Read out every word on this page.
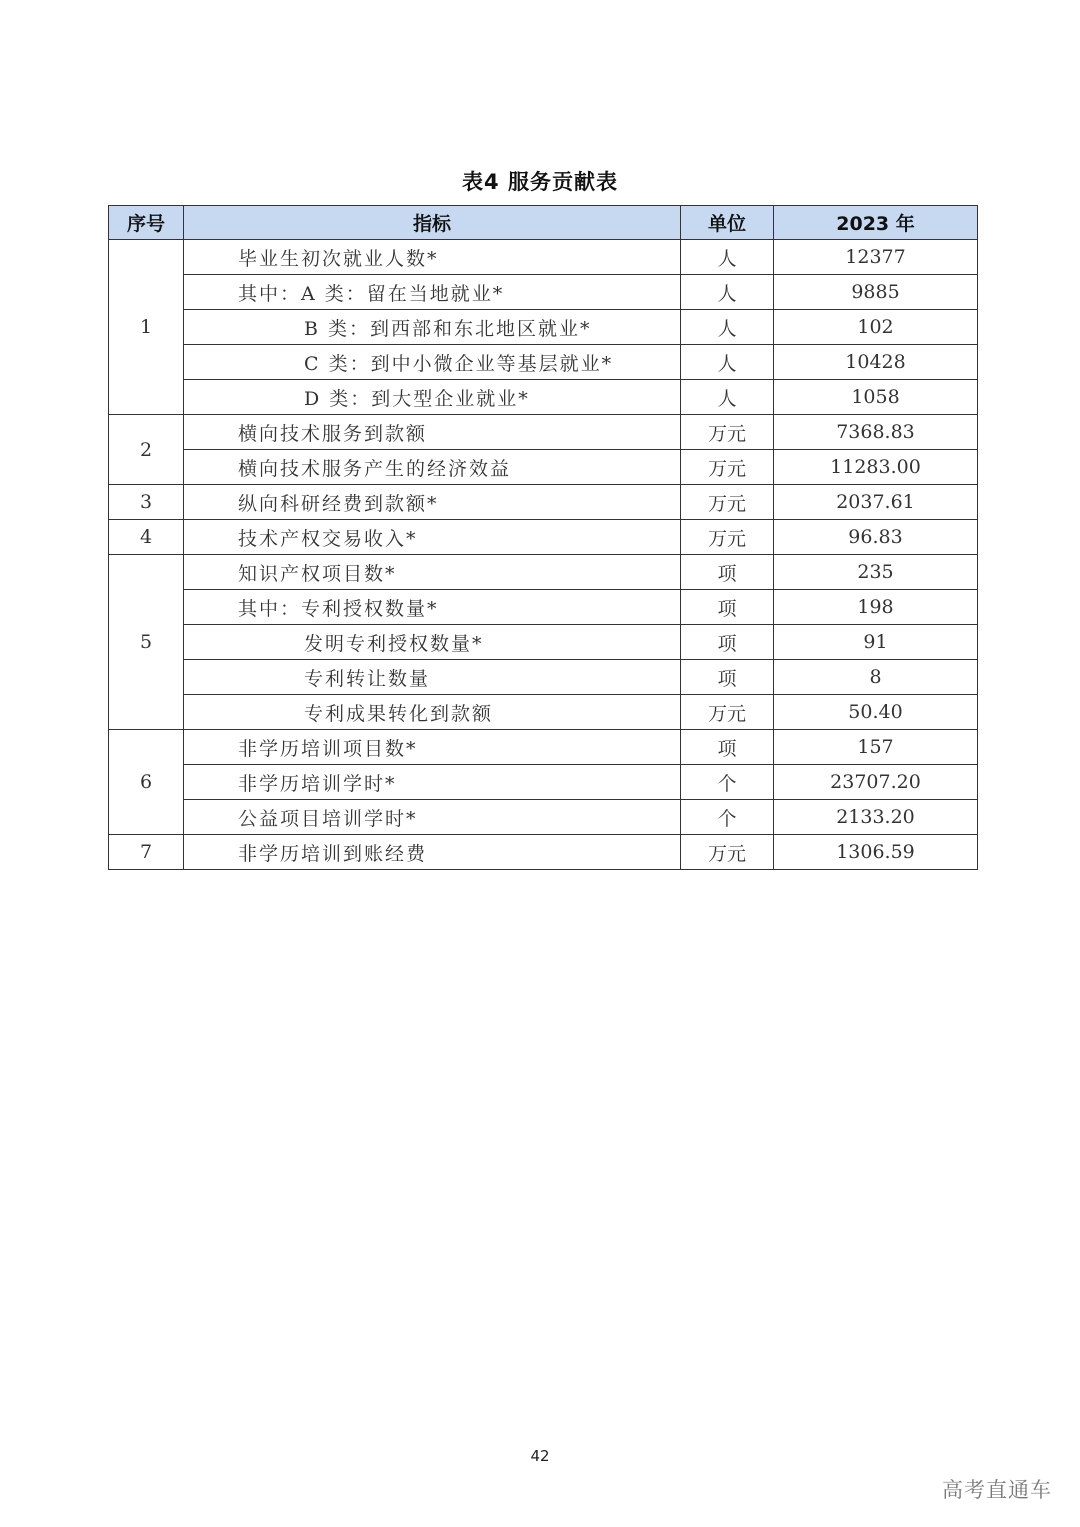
表4 服务贡献表
序号	指标	单位	2023 年
1	毕业生初次就业人数*	人	12377
	其中：A 类：留在当地就业*	人	9885
	B 类：到西部和东北地区就业*	人	102
	C 类：到中小微企业等基层就业*	人	10428
	D 类：到大型企业就业*	人	1058
2	横向技术服务到款额	万元	7368.83
	横向技术服务产生的经济效益	万元	11283.00
3	纵向科研经费到款额*	万元	2037.61
4	技术产权交易收入*	万元	96.83
5	知识产权项目数*	项	235
	其中：专利授权数量*	项	198
	发明专利授权数量*	项	91
	专利转让数量	项	8
	专利成果转化到款额	万元	50.40
6	非学历培训项目数*	项	157
	非学历培训学时*	个	23707.20
	公益项目培训学时*	个	2133.20
7	非学历培训到账经费	万元	1306.59
42
高考直通车
